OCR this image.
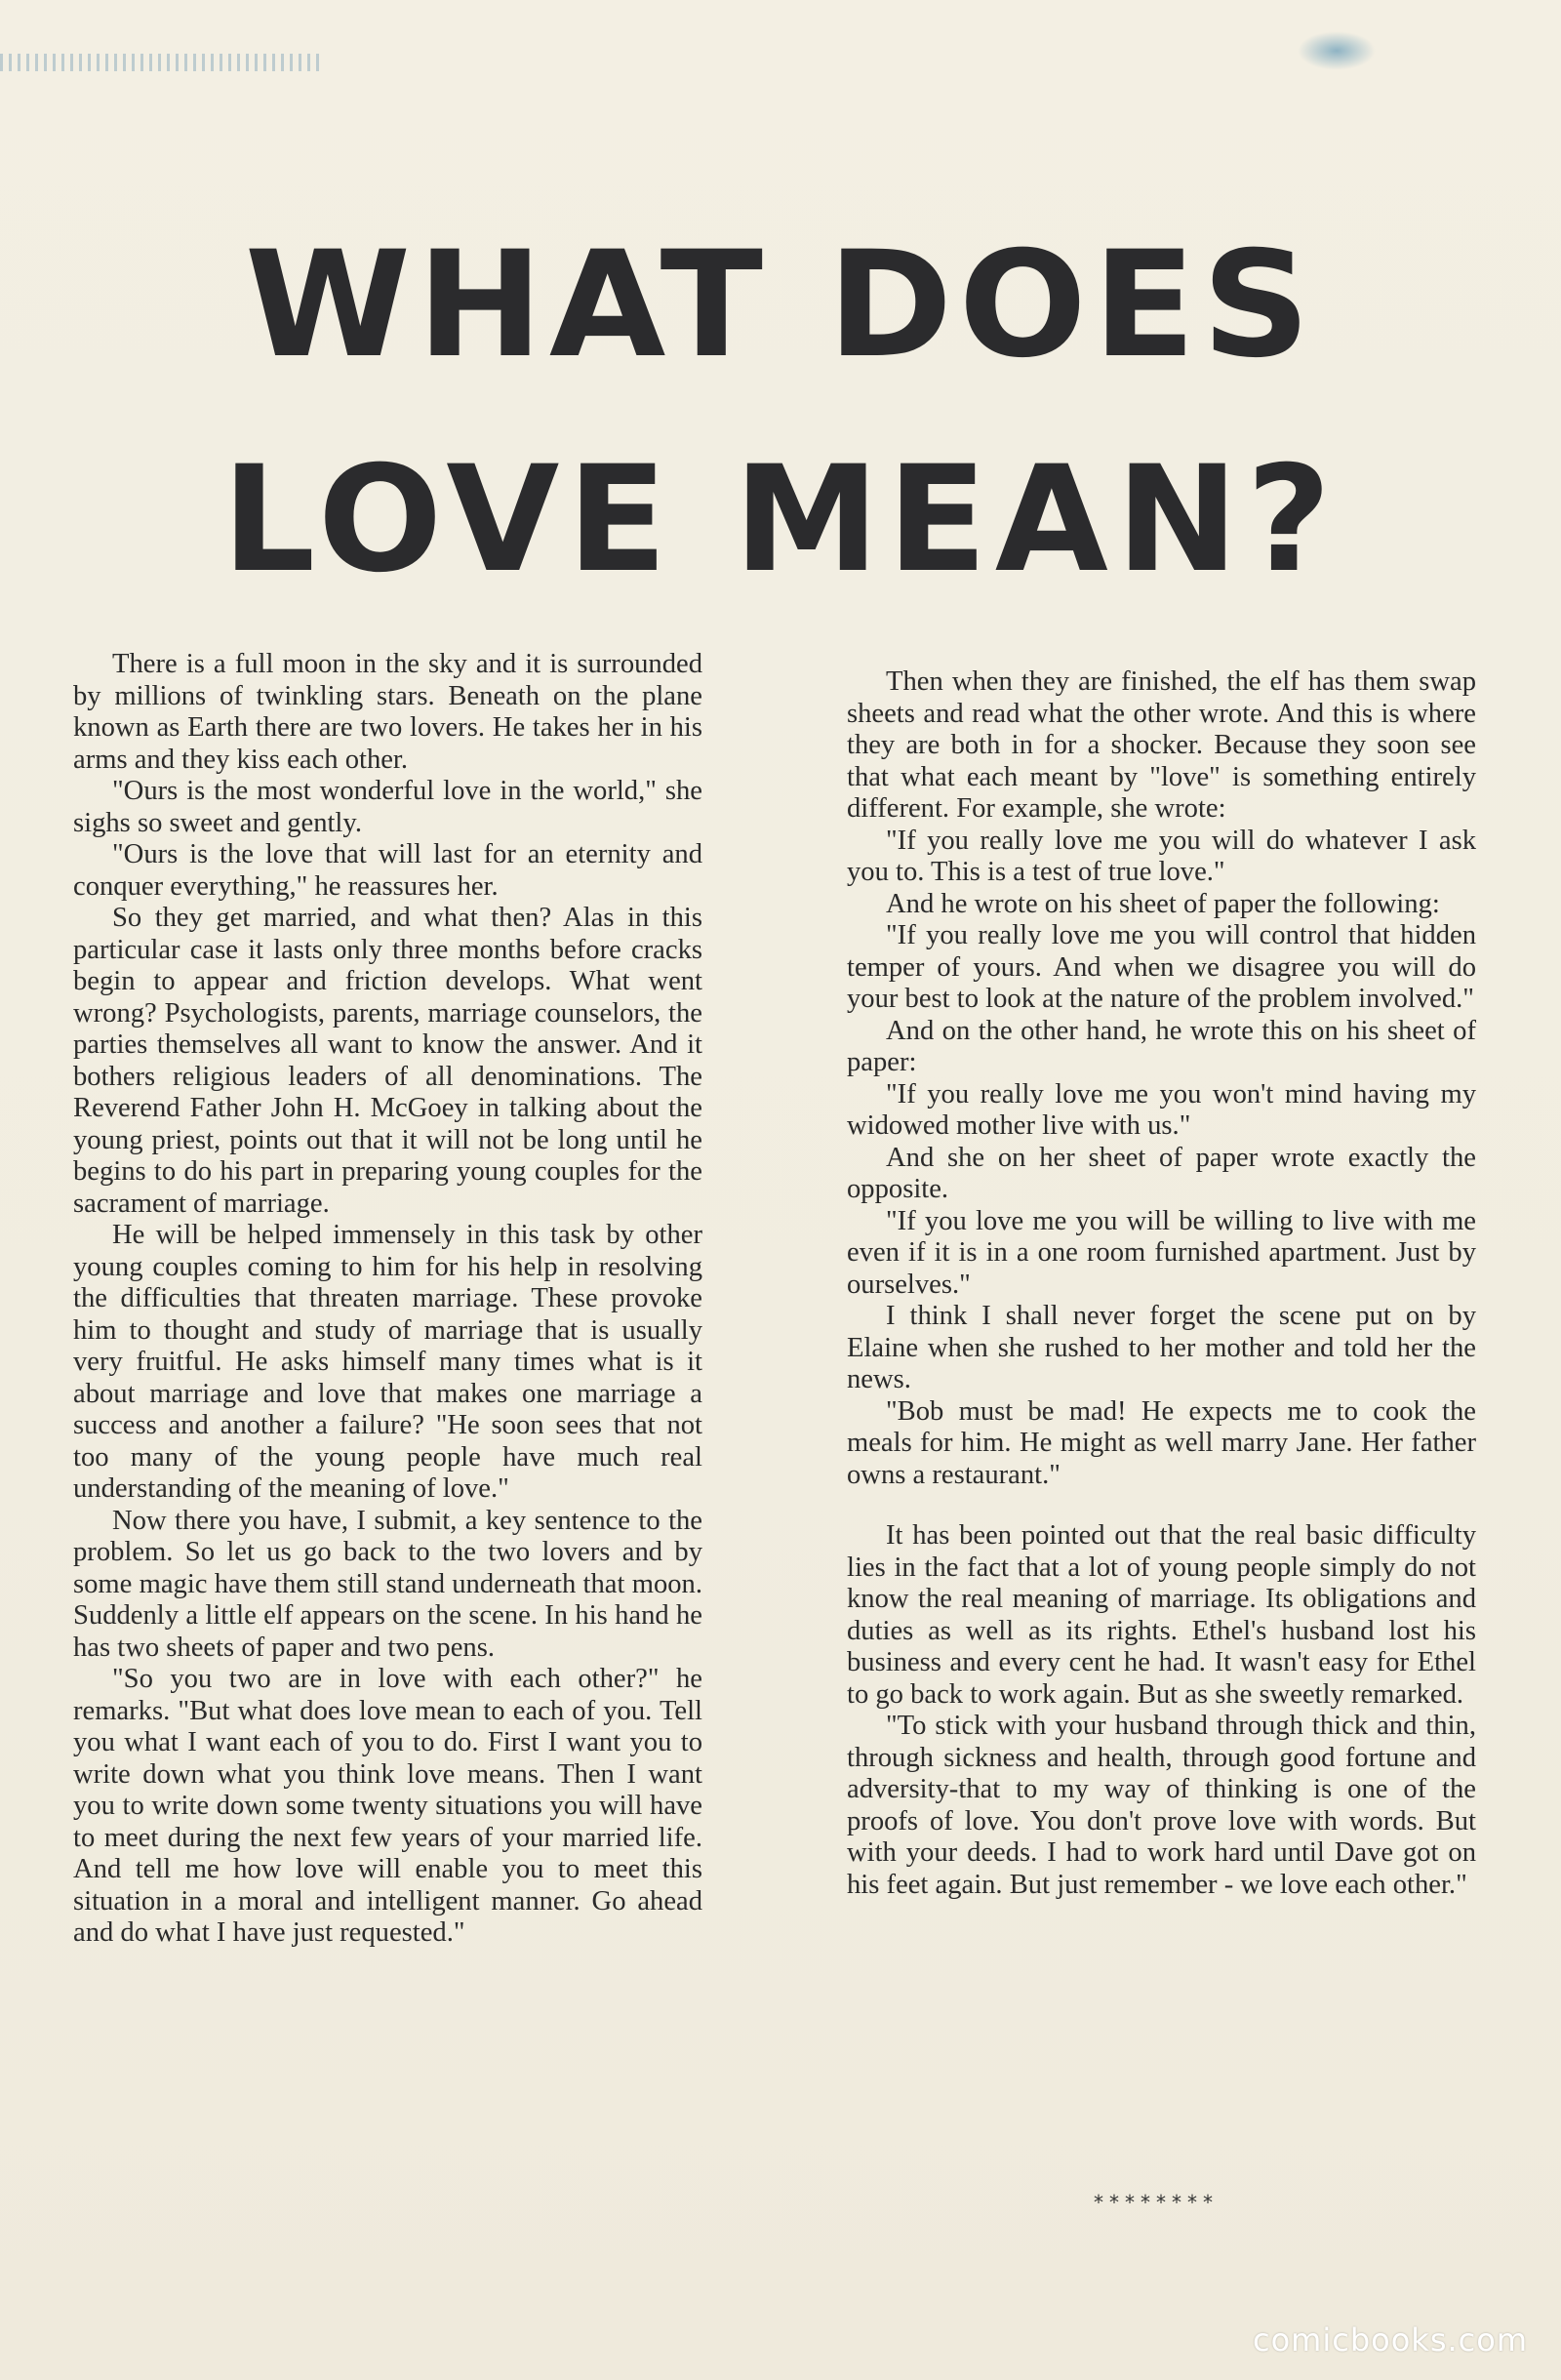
WHAT DOES
LOVE MEAN?

There is a full moon in the sky and it is surrounded by millions of twinkling stars. Beneath on the plane known as Earth there are two lovers. He takes her in his arms and they kiss each other.

"Ours is the most wonderful love in the world," she sighs so sweet and gently.

"Ours is the love that will last for an eternity and conquer everything," he reassures her.

So they get married, and what then? Alas in this particular case it lasts only three months before cracks begin to appear and friction develops. What went wrong? Psychologists, parents, marriage counselors, the parties themselves all want to know the answer. And it bothers religious leaders of all denominations. The Reverend Father John H. McGoey in talking about the young priest, points out that it will not be long until he begins to do his part in preparing young couples for the sacrament of marriage.

He will be helped immensely in this task by other young couples coming to him for his help in resolving the difficulties that threaten marriage. These provoke him to thought and study of marriage that is usually very fruitful. He asks himself many times what is it about marriage and love that makes one marriage a success and another a failure? "He soon sees that not too many of the young people have much real understanding of the meaning of love."

Now there you have, I submit, a key sentence to the problem. So let us go back to the two lovers and by some magic have them still stand underneath that moon. Suddenly a little elf appears on the scene. In his hand he has two sheets of paper and two pens.

"So you two are in love with each other?" he remarks. "But what does love mean to each of you. Tell you what I want each of you to do. First I want you to write down what you think love means. Then I want you to write down some twenty situations you will have to meet during the next few years of your married life. And tell me how love will enable you to meet this situation in a moral and intelligent manner. Go ahead and do what I have just requested."

Then when they are finished, the elf has them swap sheets and read what the other wrote. And this is where they are both in for a shocker. Because they soon see that what each meant by "love" is something entirely different. For example, she wrote:

"If you really love me you will do whatever I ask you to. This is a test of true love."

And he wrote on his sheet of paper the following:

"If you really love me you will control that hidden temper of yours. And when we disagree you will do your best to look at the nature of the problem involved."

And on the other hand, he wrote this on his sheet of paper:

"If you really love me you won't mind having my widowed mother live with us."

And she on her sheet of paper wrote exactly the opposite.

"If you love me you will be willing to live with me even if it is in a one room furnished apartment. Just by ourselves."

I think I shall never forget the scene put on by Elaine when she rushed to her mother and told her the news.

"Bob must be mad! He expects me to cook the meals for him. He might as well marry Jane. Her father owns a restaurant."

It has been pointed out that the real basic difficulty lies in the fact that a lot of young people simply do not know the real meaning of marriage. Its obligations and duties as well as its rights. Ethel's husband lost his business and every cent he had. It wasn't easy for Ethel to go back to work again. But as she sweetly remarked.

"To stick with your husband through thick and thin, through sickness and health, through good fortune and adversity-that to my way of thinking is one of the proofs of love. You don't prove love with words. But with your deeds. I had to work hard until Dave got on his feet again. But just remember - we love each other."

********
comicbooks.com
